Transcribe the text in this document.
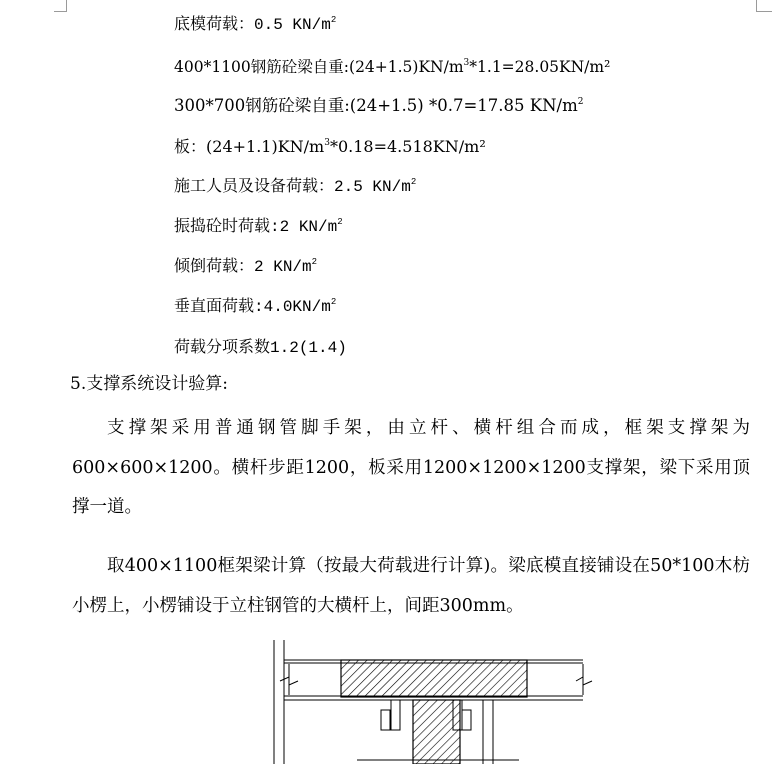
底模荷载：0.5 $KN/m^2$
400*1100钢筋砼梁自重$:(24+1.5)KN/m^3*1.1=28.05KN/m^2$
300*700钢筋砼梁自重:(24+1.5) *0.7=17.85 $KN/m^2$
板：$(24+1.1)KN/m^3*0.18=4.518KN/m^2$
施工人员及设备荷载：2.5 $KN/m^2$
振捣砼时荷载:2 $KN/m^2$
倾倒荷载：2 $KN/m^2$
垂直面荷载$:4.0KN/m^2$
荷载分项系数1.2(1.4)
5.支撑系统设计验算:
支撑架采用普通钢管脚手架，由立杆、横杆组合而成，框架支撑架为600×600×1200。横杆步距1200，板采用1200×1200×1200支撑架，梁下采用顶撑一道。
取400×1100框架梁计算（按最大荷载进行计算)。梁底模直接铺设在50*100木枋小楞上，小楞铺设于立柱钢管的大横杆上，间距300mm。
